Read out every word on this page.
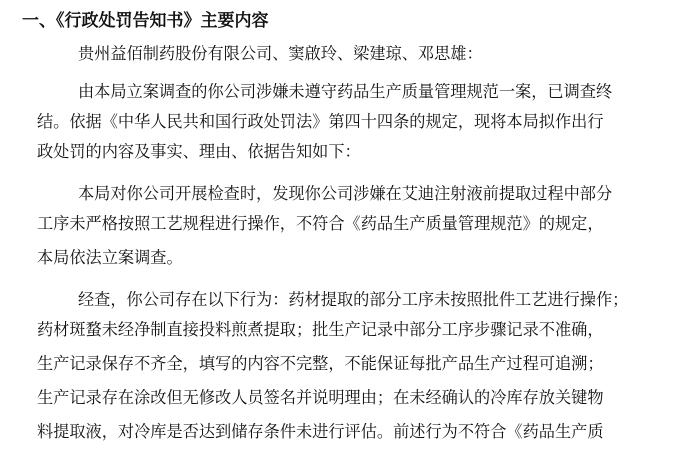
一、《行政处罚告知书》主要内容
贵州益佰制药股份有限公司、窦啟玲、梁建琼、邓思雄：
由本局立案调查的你公司涉嫌未遵守药品生产质量管理规范一案，已调查终
结。依据《中华人民共和国行政处罚法》第四十四条的规定，现将本局拟作出行
政处罚的内容及事实、理由、依据告知如下：
本局对你公司开展检查时，发现你公司涉嫌在艾迪注射液前提取过程中部分
工序未严格按照工艺规程进行操作，不符合《药品生产质量管理规范》的规定，
本局依法立案调查。
经查，你公司存在以下行为：药材提取的部分工序未按照批件工艺进行操作；
药材斑蝥未经净制直接投料煎煮提取；批生产记录中部分工序步骤记录不准确，
生产记录保存不齐全，填写的内容不完整，不能保证每批产品生产过程可追溯；
生产记录存在涂改但无修改人员签名并说明理由；在未经确认的冷库存放关键物
料提取液，对冷库是否达到储存条件未进行评估。前述行为不符合《药品生产质
